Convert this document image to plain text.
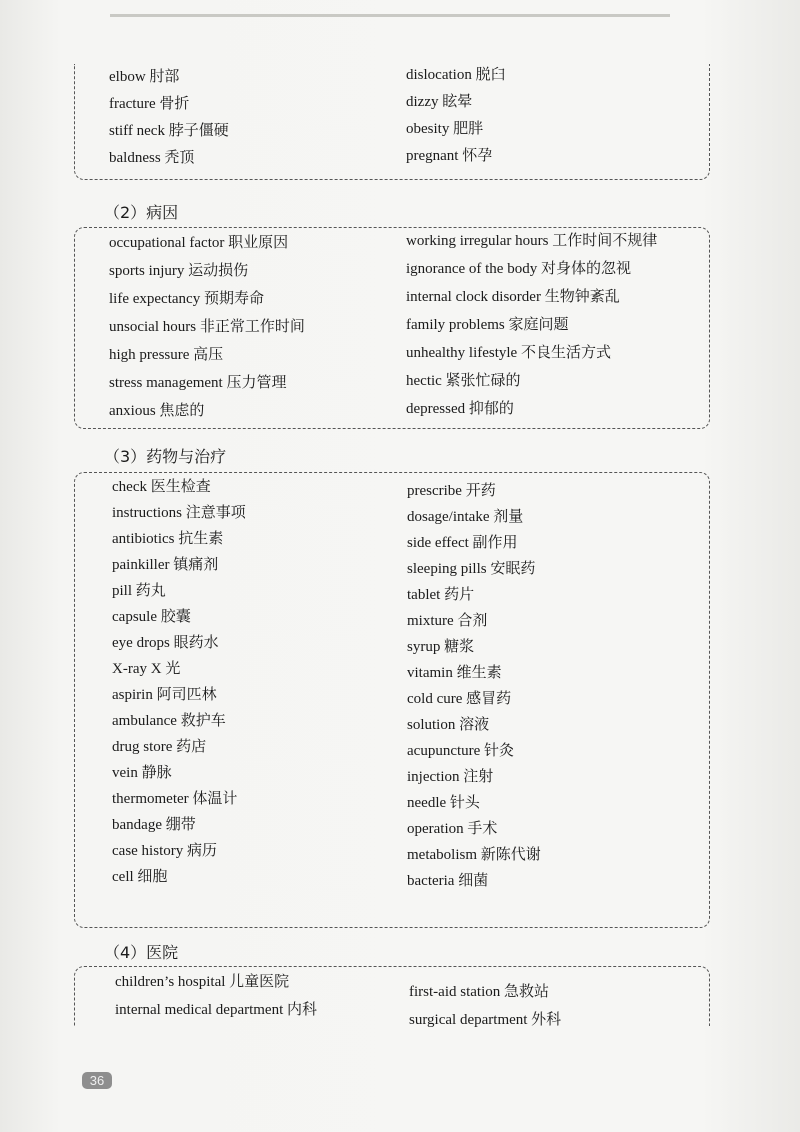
elbow 肘部
fracture 骨折
stiff neck 脖子僵硬
baldness 秃顶
dislocation 脱臼
dizzy 眩晕
obesity 肥胖
pregnant 怀孕
（2）病因
occupational factor 职业原因
sports injury 运动损伤
life expectancy 预期寿命
unsocial hours 非正常工作时间
high pressure 高压
stress management 压力管理
anxious 焦虑的
working irregular hours 工作时间不规律
ignorance of the body 对身体的忽视
internal clock disorder 生物钟紊乱
family problems 家庭问题
unhealthy lifestyle 不良生活方式
hectic 紧张忙碌的
depressed 抑郁的
（3）药物与治疗
check 医生检查
instructions 注意事项
antibiotics 抗生素
painkiller 镇痛剂
pill 药丸
capsule 胶囊
eye drops 眼药水
X-ray X 光
aspirin 阿司匹林
ambulance 救护车
drug store 药店
vein 静脉
thermometer 体温计
bandage 绷带
case history 病历
cell 细胞
prescribe 开药
dosage/intake 剂量
side effect 副作用
sleeping pills 安眠药
tablet 药片
mixture 合剂
syrup 糖浆
vitamin 维生素
cold cure 感冒药
solution 溶液
acupuncture 针灸
injection 注射
needle 针头
operation 手术
metabolism 新陈代谢
bacteria 细菌
（4）医院
children’s hospital 儿童医院
internal medical department 内科
first-aid station 急救站
surgical department 外科
36
